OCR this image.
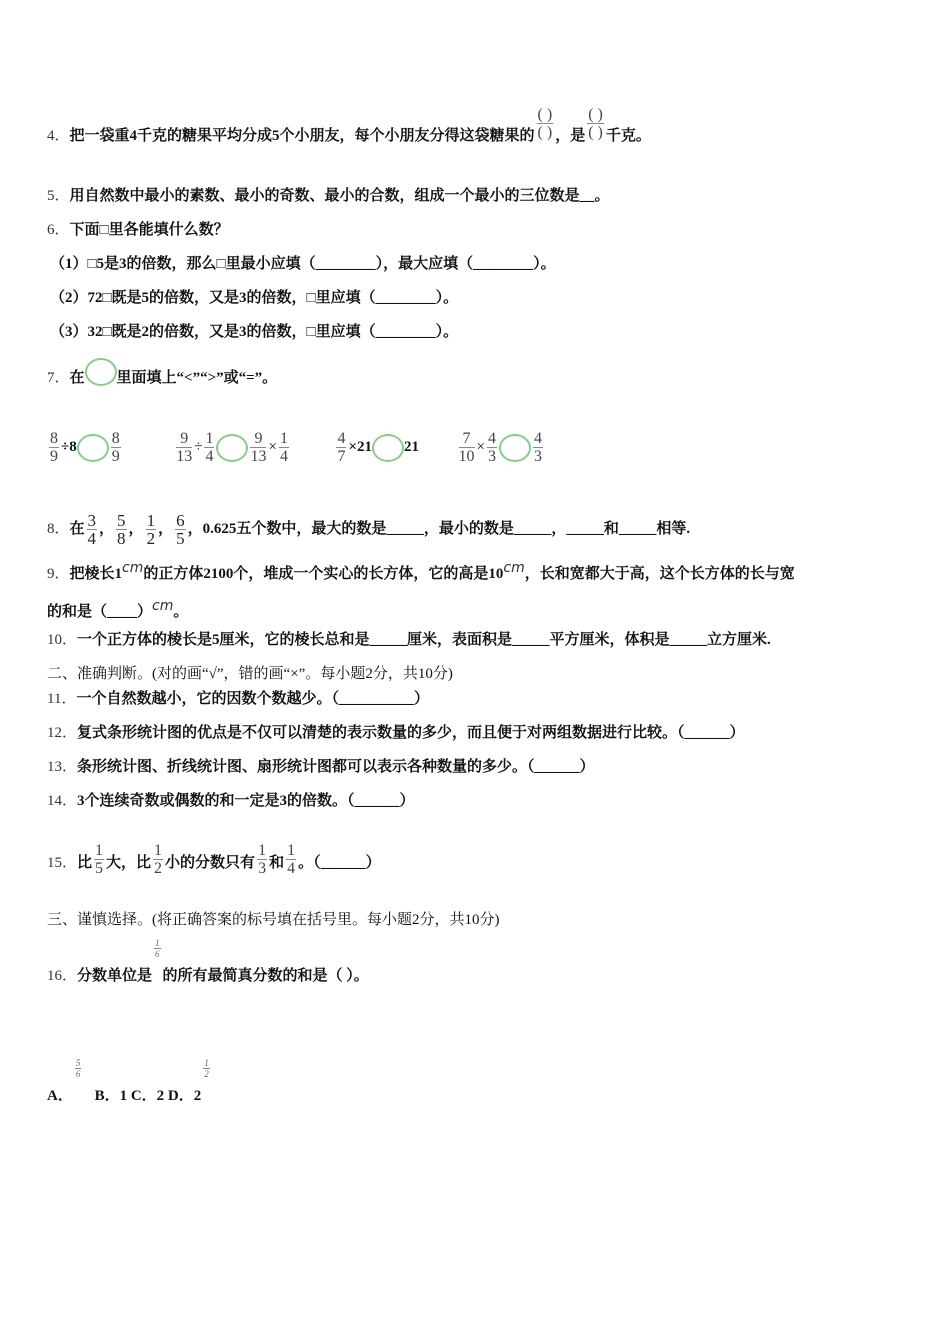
4．把一袋重4千克的糖果平均分成5个小朋友，每个小朋友分得这袋糖果的 $\frac{( )}{( )}$ ，是 $\frac{( )}{( )}$ 千克。
5．用自然数中最小的素数、最小的奇数、最小的合数，组成一个最小的三位数是__。
6．下面□里各能填什么数？
（1）□5是3的倍数，那么□里最小应填（________），最大应填（________）。
（2）72□既是5的倍数，又是3的倍数，□里应填（________）。
（3）32□既是2的倍数，又是3的倍数，□里应填（________）。
7．在 里面填上“<”“>”或“=”。
$\frac{8}{9} \div 8 \frac{8}{9}$
	$\frac{9}{13} \div \frac{1}{4} \frac{9}{13} \times \frac{1}{4}$
	$\frac{4}{7} \times 21$ $21 \frac{7}{10} \times \frac{4}{3} \frac{4}{3}$
8．在 $\frac{3}{4}$ ， $\frac{5}{8}$ ， $\frac{1}{2}$ ， $\frac{6}{5}$ ，0.625五个数中，最大的数是_____，最小的数是_____，_____和_____相等.
9．把棱长1cm的正方体2100个，堆成一个实心的长方体，它的高是10cm，长和宽都大于高，这个长方体的长与宽
的和是（____）cm。
10．一个正方体的棱长是5厘米，它的棱长总和是_____厘米，表面积是_____平方厘米，体积是_____立方厘米.
二、准确判断。(对的画“√”，错的画“×”。每小题2分，共10分)
11．一个自然数越小，它的因数个数越少。（__________）
12．复式条形统计图的优点是不仅可以清楚的表示数量的多少，而且便于对两组数据进行比较。（______）
13．条形统计图、折线统计图、扇形统计图都可以表示各种数量的多少。（______）
14．3个连续奇数或偶数的和一定是3的倍数。（______）
15．比 $\frac{1}{5}$ 大，比 $\frac{1}{2}$ 小的分数只有 $\frac{1}{3}$ 和 $\frac{1}{4}$ 。（______）
三、谨慎选择。(将正确答案的标号填在括号里。每小题2分，共10分)
16．分数单位是
$\frac{1}{6}$
的所有最简真分数的和是（ ）。
A．
$\frac{5}{6}$
B．1 C．2 D．2
$\frac{1}{2}$
